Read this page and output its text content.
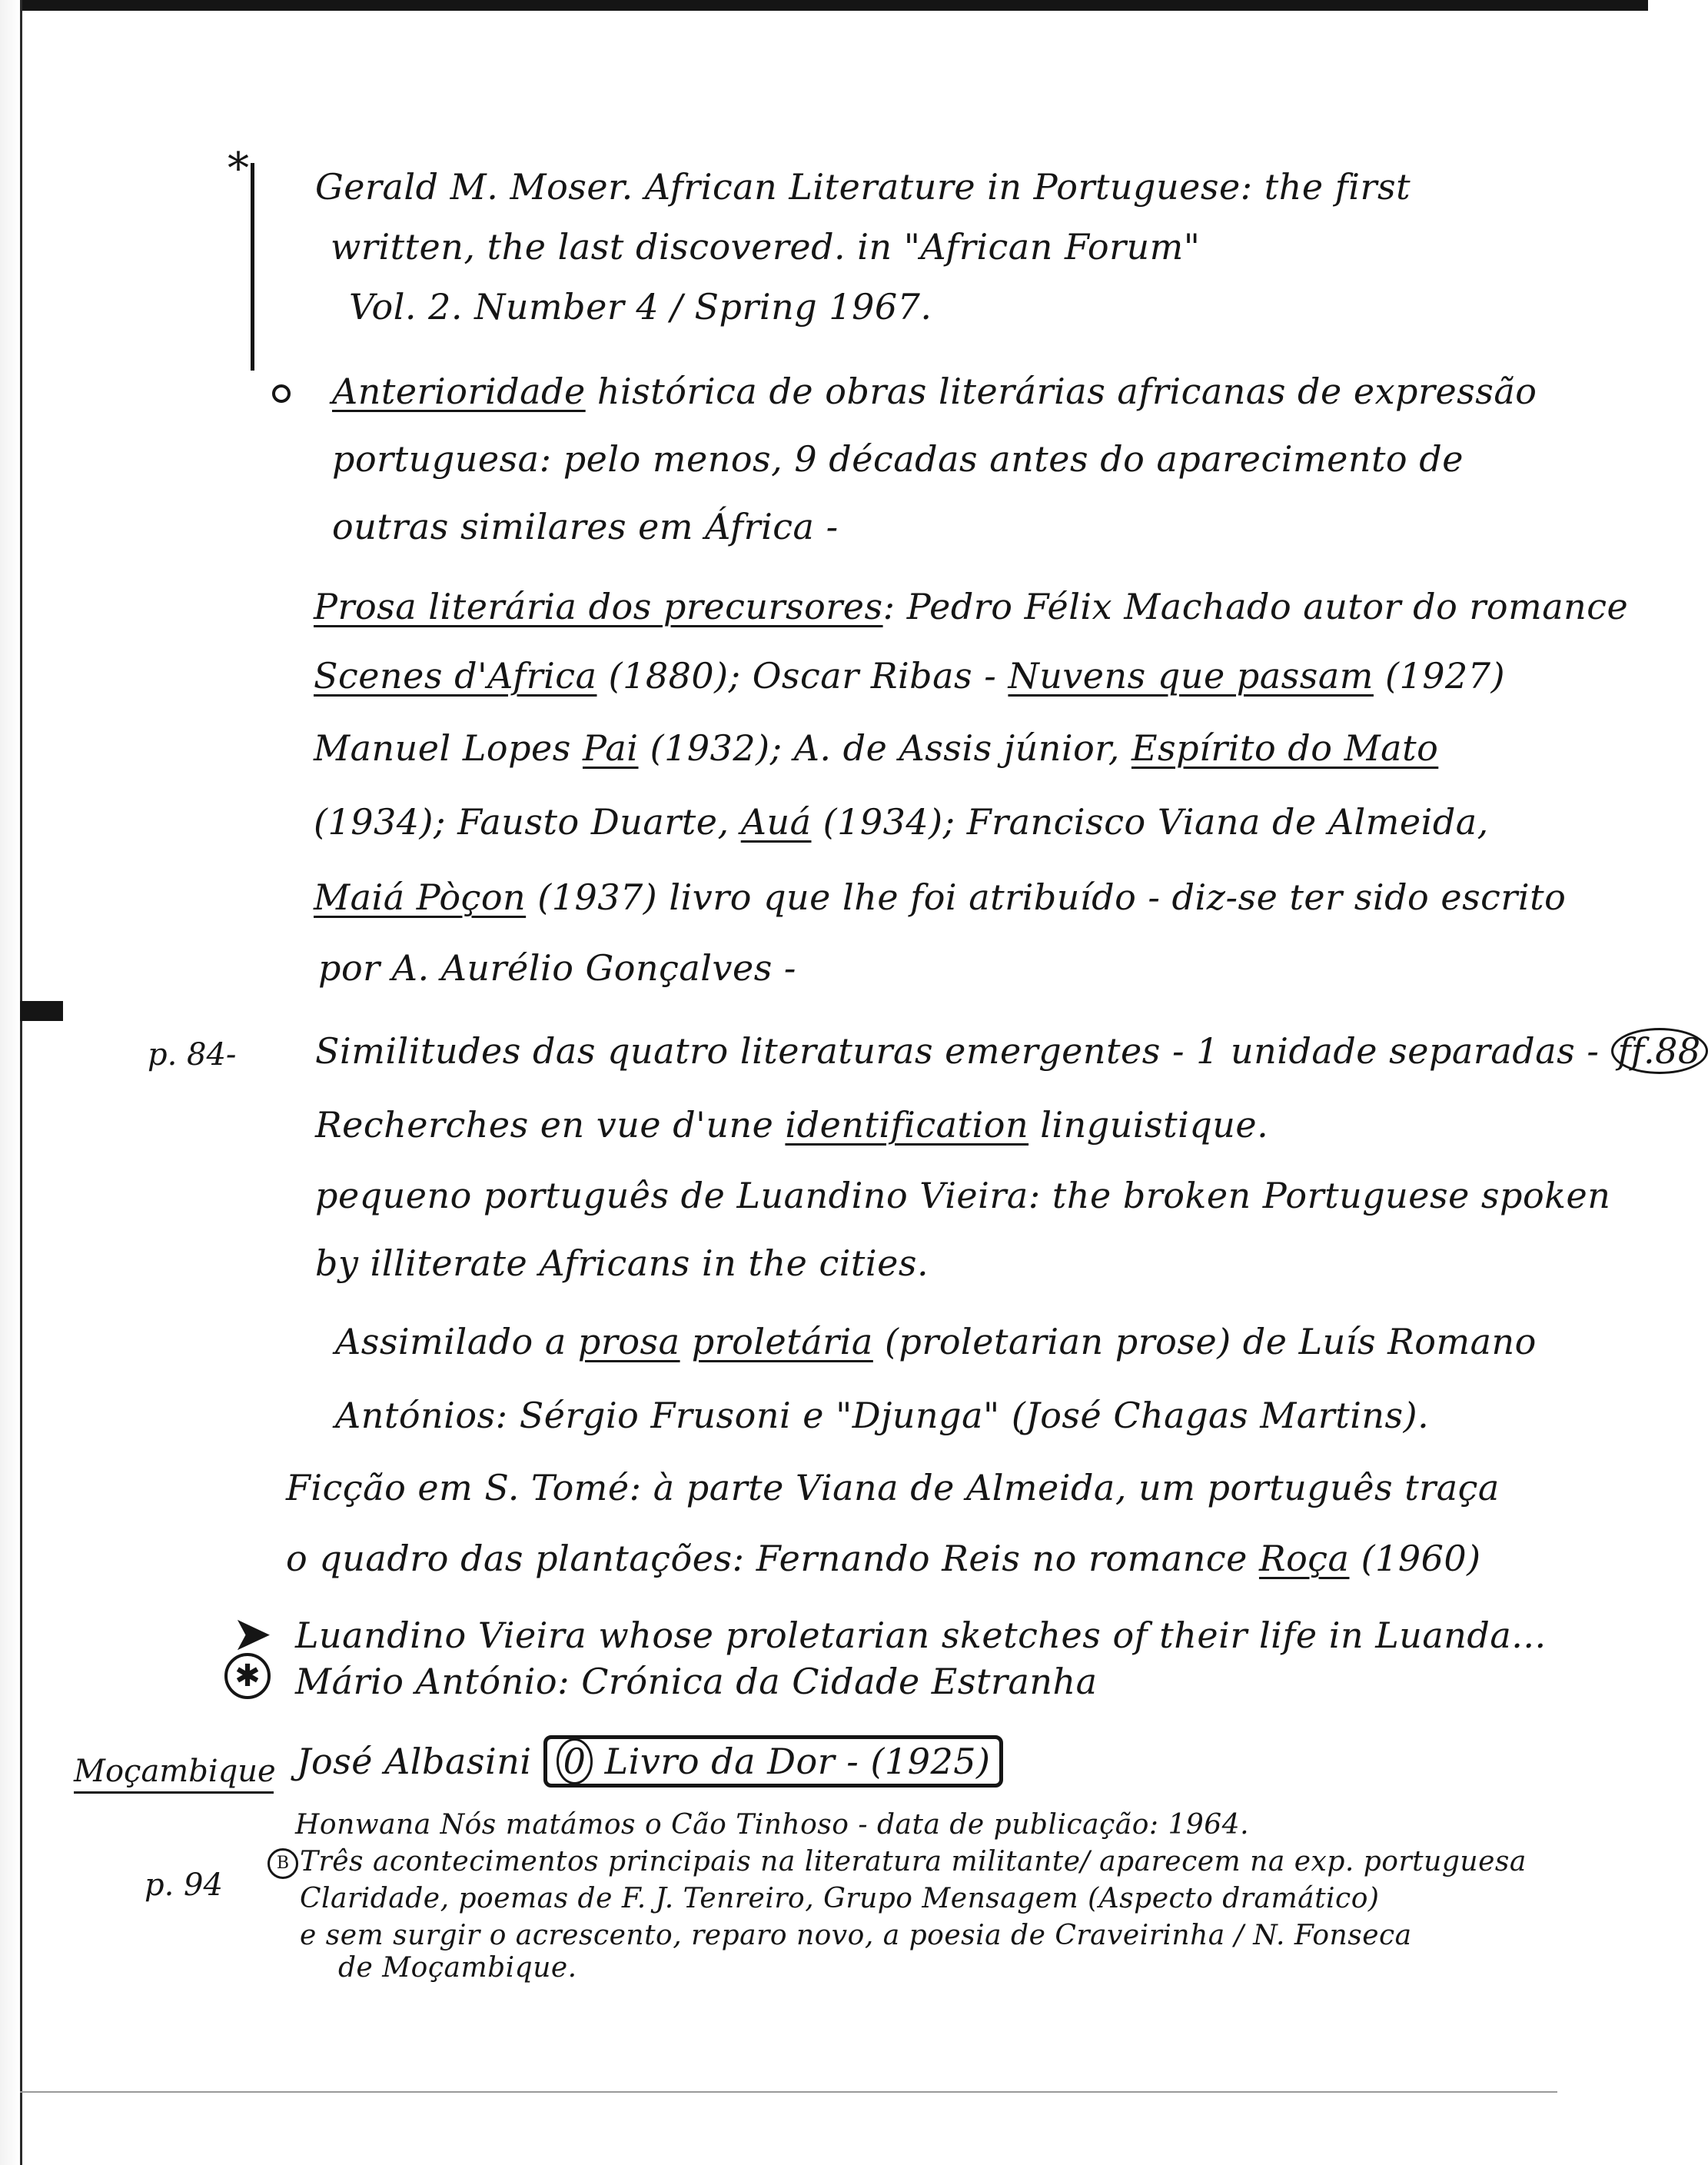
* Gerald M. Moser. African Literature in Portuguese: the first
written, the last discovered. in "African Forum"
Vol. 2. Number 4 / Spring 1967.
Anterioridade histórica de obras literárias africanas de expressão
portuguesa: pelo menos, 9 décadas antes do aparecimento de
outras similares em África -
Prosa literária dos precursores: Pedro Félix Machado autor do romance
Scenes d'Africa (1880); Oscar Ribas - Nuvens que passam (1927)
Manuel Lopes Pai (1932); A. de Assis júnior, Espírito do Mato
(1934); Fausto Duarte, Auá (1934); Francisco Viana de Almeida,
Maiá Pòçon (1937) livro que lhe foi atribuído - diz-se ter sido escrito
por A. Aurélio Gonçalves -
p. 84- Similitudes das quatro literaturas emergentes - 1 unidade separadas - ff.88
Recherches en vue d'une identification linguistique.
pequeno português de Luandino Vieira: the broken Portuguese spoken
by illiterate Africans in the cities.
Assimilado a prosa proletária (proletarian prose) de Luís Romano
Antónios: Sérgio Frusoni e "Djunga" (José Chagas Martins).
Ficção em S. Tomé: à parte Viana de Almeida, um português traça
o quadro das plantações: Fernando Reis no romance Roça (1960)
➤ Luandino Vieira whose proletarian sketches of their life in Luanda...
✱ Mário António: Crónica da Cidade Estranha
Moçambique José Albasini 0 Livro da Dor - (1925)
Honwana Nós matámos o Cão Tinhoso - data de publicação: 1964.
p. 94
B Três acontecimentos principais na literatura militante/ aparecem na exp. portuguesa
Claridade, poemas de F. J. Tenreiro, Grupo Mensagem (Aspecto dramático)
e sem surgir o acrescento, reparo novo, a poesia de Craveirinha / N. Fonseca
de Moçambique.
